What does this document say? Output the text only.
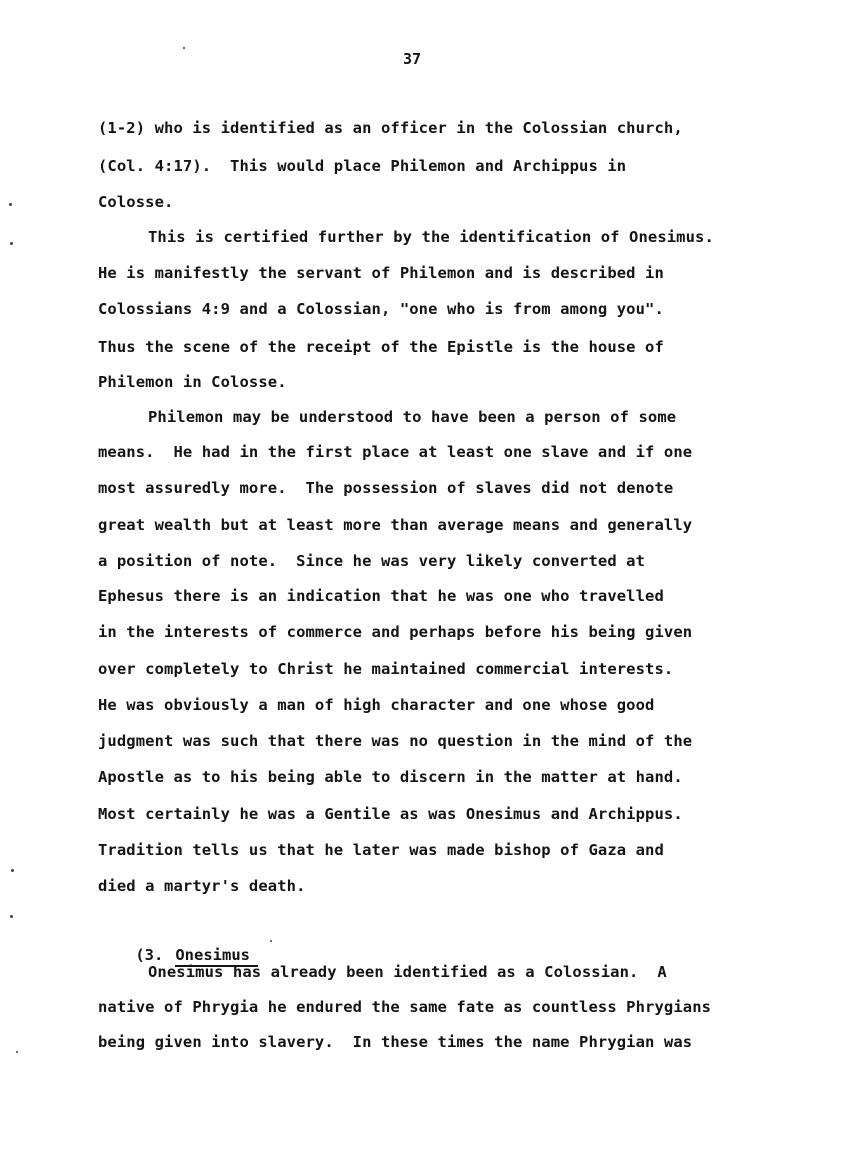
37
(1-2) who is identified as an officer in the Colossian church,
(Col. 4:17).  This would place Philemon and Archippus in
Colosse.
This is certified further by the identification of Onesimus.
He is manifestly the servant of Philemon and is described in
Colossians 4:9 and a Colossian, "one who is from among you".
Thus the scene of the receipt of the Epistle is the house of
Philemon in Colosse.
Philemon may be understood to have been a person of some
means.  He had in the first place at least one slave and if one
most assuredly more.  The possession of slaves did not denote
great wealth but at least more than average means and generally
a position of note.  Since he was very likely converted at
Ephesus there is an indication that he was one who travelled
in the interests of commerce and perhaps before his being given
over completely to Christ he maintained commercial interests.
He was obviously a man of high character and one whose good
judgment was such that there was no question in the mind of the
Apostle as to his being able to discern in the matter at hand.
Most certainly he was a Gentile as was Onesimus and Archippus.
Tradition tells us that he later was made bishop of Gaza and
died a martyr's death.

(3. Onesimus

Onesimus has already been identified as a Colossian.  A
native of Phrygia he endured the same fate as countless Phrygians
being given into slavery.  In these times the name Phrygian was
